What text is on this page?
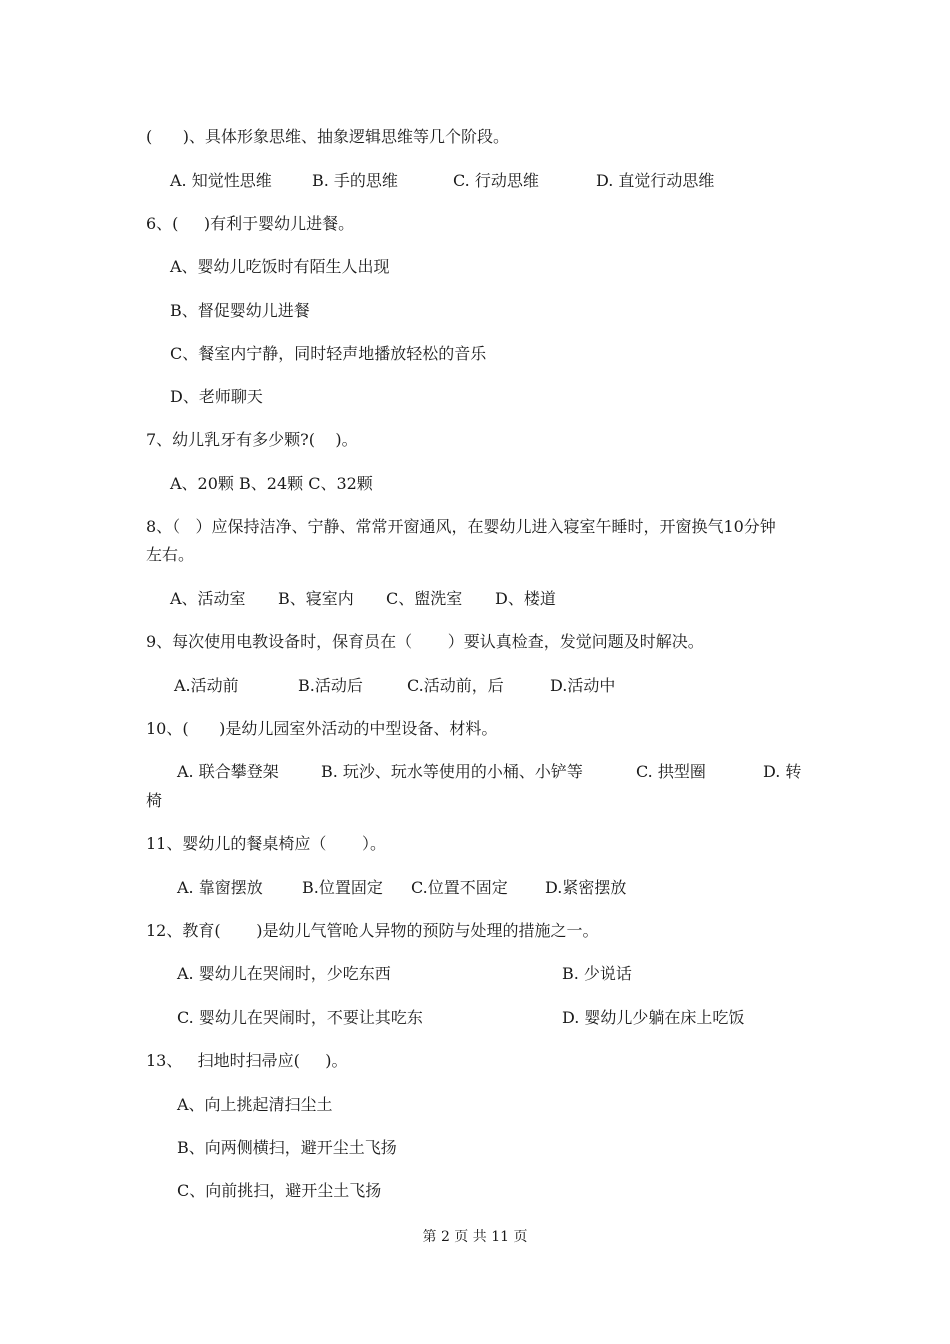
(      )、具体形象思维、抽象逻辑思维等几个阶段。
A. 知觉性思维	B. 手的思维	C. 行动思维	D. 直觉行动思维
6、(     )有利于婴幼儿进餐。
A、婴幼儿吃饭时有陌生人出现
B、督促婴幼儿进餐
C、餐室内宁静，同时轻声地播放轻松的音乐
D、老师聊天
7、幼儿乳牙有多少颗?(    )。
A、20颗 B、24颗 C、32颗
8、（   ）应保持洁净、宁静、常常开窗通风，在婴幼儿进入寝室午睡时，开窗换气10分钟
左右。
A、活动室 B、寝室内 C、盥洗室 D、楼道
9、每次使用电教设备时，保育员在（       ）要认真检查，发觉问题及时解决。
A.活动前	B.活动后	C.活动前，后	D.活动中
10、(      )是幼儿园室外活动的中型设备、材料。
A. 联合攀登架	B. 玩沙、玩水等使用的小桶、小铲等	C. 拱型圈	D. 转
椅
11、婴幼儿的餐桌椅应（       ）。
A. 靠窗摆放 B.位置固定 C.位置不固定 D.紧密摆放
12、教育(       )是幼儿气管呛人异物的预防与处理的措施之一。
A. 婴幼儿在哭闹时，少吃东西	B. 少说话
C. 婴幼儿在哭闹时，不要让其吃东	D. 婴幼儿少躺在床上吃饭
13、   扫地时扫帚应(     )。
A、向上挑起清扫尘土
B、向两侧横扫，避开尘土飞扬
C、向前挑扫，避开尘土飞扬
第 2 页 共 11 页
